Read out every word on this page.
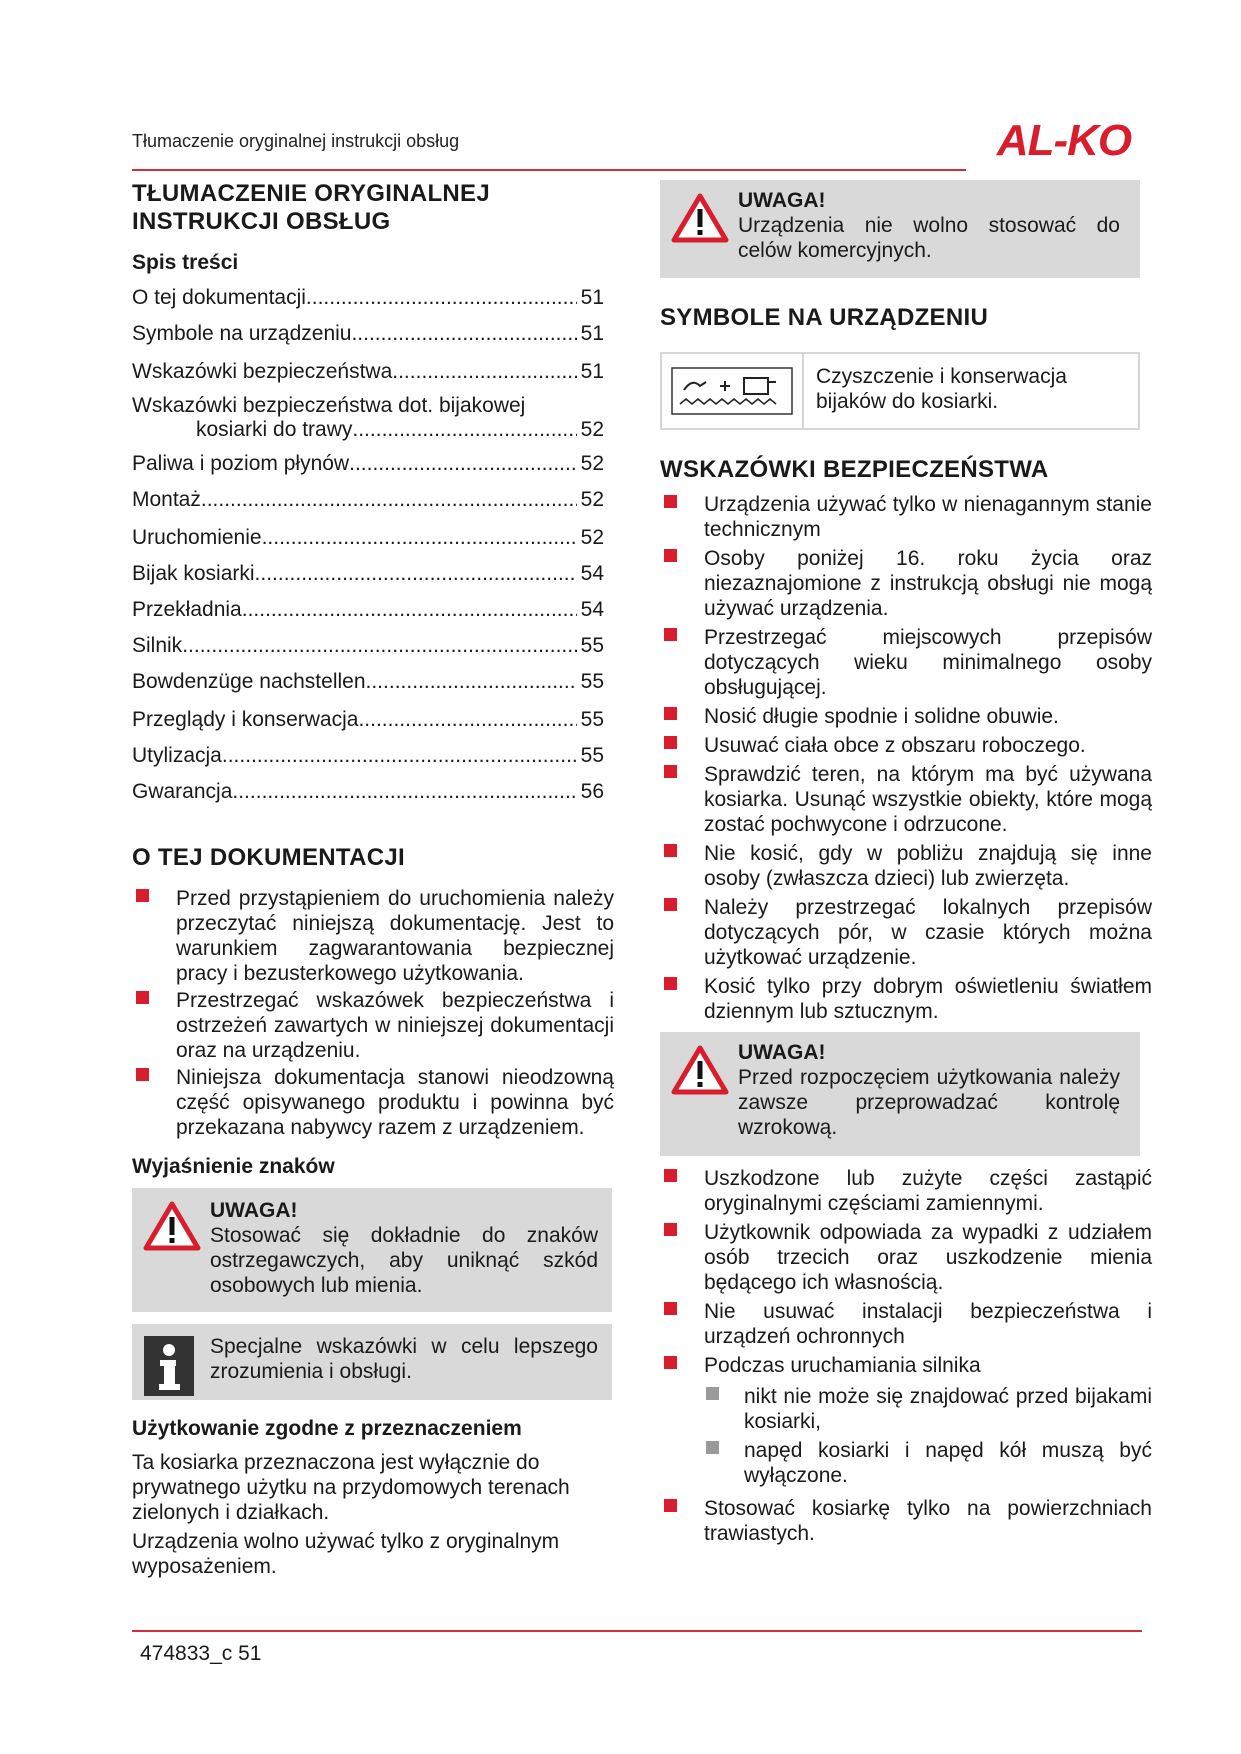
Tłumaczenie oryginalnej instrukcji obsług	AL-KO
TŁUMACZENIE ORYGINALNEJ INSTRUKCJI OBSŁUG
Spis treści
O tej dokumentacji .....	51
Symbole na urządzeniu .....	51
Wskazówki bezpieczeństwa .....	51
Wskazówki bezpieczeństwa dot. bijakowej
kosiarki do trawy .....	52
Paliwa i poziom płynów .....	52
Montaż .....	52
Uruchomienie .....	52
Bijak kosiarki .....	54
Przekładnia .....	54
Silnik .....	55
Bowdenzüge nachstellen .....	55
Przeglądy i konserwacja .....	55
Utylizacja .....	55
Gwarancja .....	56
O TEJ DOKUMENTACJI
Przed przystąpieniem do uruchomienia należy przeczytać niniejszą dokumentację. Jest to warunkiem zagwarantowania bezpiecznej pracy i bezusterkowego użytkowania.
Przestrzegać wskazówek bezpieczeństwa i ostrzeżeń zawartych w niniejszej dokumentacji oraz na urządzeniu.
Niniejsza dokumentacja stanowi nieodzowną część opisywanego produktu i powinna być przekazana nabywcy razem z urządzeniem.
Wyjaśnienie znaków
UWAGA!
Stosować się dokładnie do znaków ostrzegawczych, aby uniknąć szkód osobowych lub mienia.
Specjalne wskazówki w celu lepszego zrozumienia i obsługi.
Użytkowanie zgodne z przeznaczeniem

Ta kosiarka przeznaczona jest wyłącznie do prywatnego użytku na przydomowych terenach zielonych i działkach.

Urządzenia wolno używać tylko z oryginalnym wyposażeniem.

UWAGA!
Urządzenia nie wolno stosować do celów komercyjnych.
SYMBOLE NA URZĄDZENIU
Czyszczenie i konserwacja bijaków do kosiarki.
WSKAZÓWKI BEZPIECZEŃSTWA
Urządzenia używać tylko w nienagannym stanie technicznym
Osoby poniżej 16. roku życia oraz niezaznajomione z instrukcją obsługi nie mogą używać urządzenia.
Przestrzegać miejscowych przepisów dotyczących wieku minimalnego osoby obsługującej.
Nosić długie spodnie i solidne obuwie.
Usuwać ciała obce z obszaru roboczego.
Sprawdzić teren, na którym ma być używana kosiarka. Usunąć wszystkie obiekty, które mogą zostać pochwycone i odrzucone.
Nie kosić, gdy w pobliżu znajdują się inne osoby (zwłaszcza dzieci) lub zwierzęta.
Należy przestrzegać lokalnych przepisów dotyczących pór, w czasie których można użytkować urządzenie.
Kosić tylko przy dobrym oświetleniu światłem dziennym lub sztucznym.
UWAGA!
Przed rozpoczęciem użytkowania należy zawsze przeprowadzać kontrolę wzrokową.
Uszkodzone lub zużyte części zastąpić oryginalnymi częściami zamiennymi.
Użytkownik odpowiada za wypadki z udziałem osób trzecich oraz uszkodzenie mienia będącego ich własnością.
Nie usuwać instalacji bezpieczeństwa i urządzeń ochronnych
Podczas uruchamiania silnika
nikt nie może się znajdować przed bijakami kosiarki,
napęd kosiarki i napęd kół muszą być wyłączone.
Stosować kosiarkę tylko na powierzchniach trawiastych.
474833_c 51
